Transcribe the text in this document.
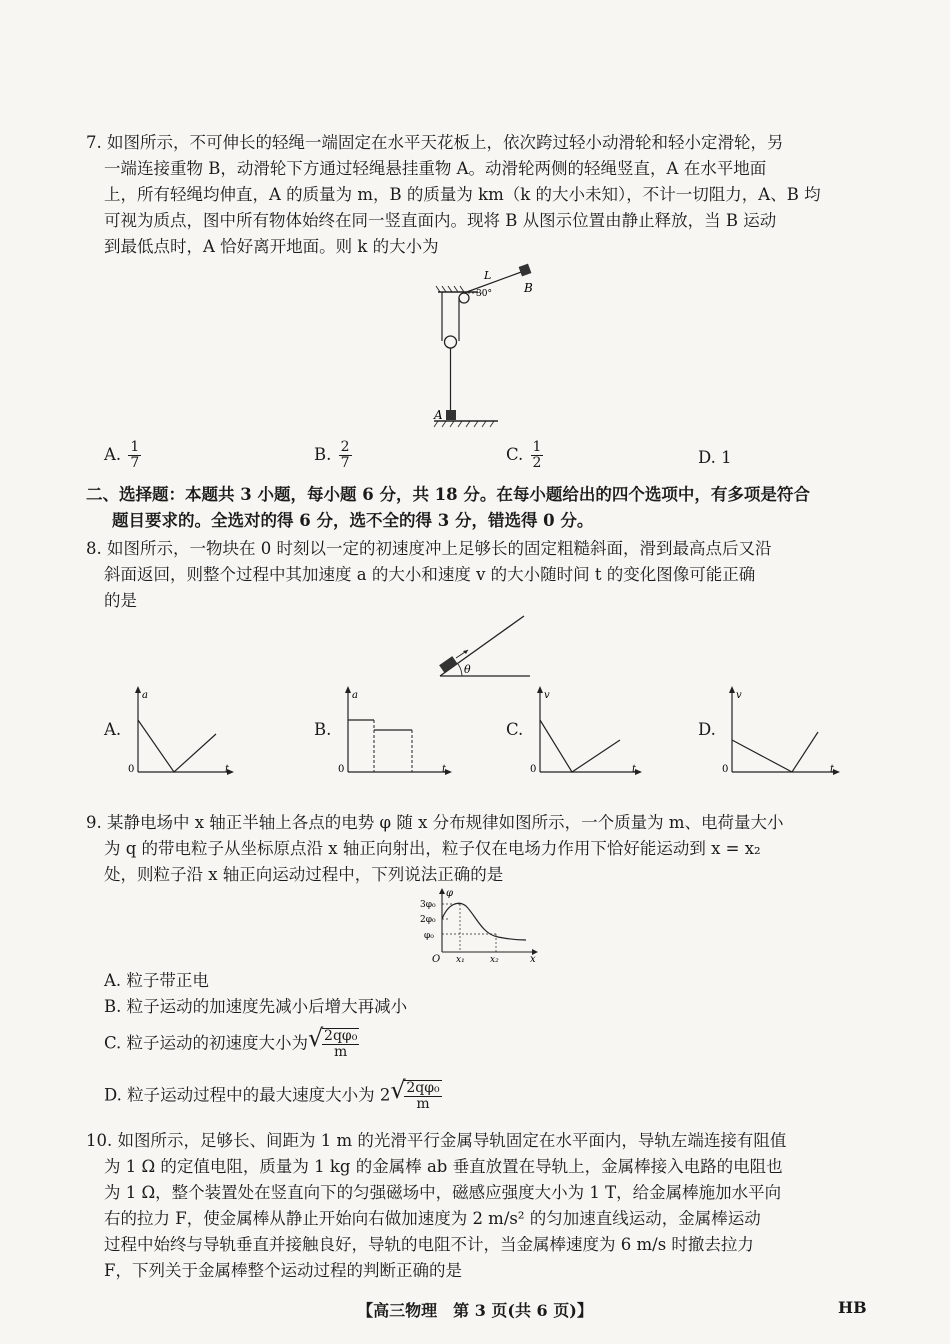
7. 如图所示，不可伸长的轻绳一端固定在水平天花板上，依次跨过轻小动滑轮和轻小定滑轮，另
一端连接重物 B，动滑轮下方通过轻绳悬挂重物 A。动滑轮两侧的轻绳竖直，A 在水平地面
上，所有轻绳均伸直，A 的质量为 m，B 的质量为 km（k 的大小未知），不计一切阻力，A、B 均
可视为质点，图中所有物体始终在同一竖直面内。现将 B 从图示位置由静止释放，当 B 运动
到最低点时，A 恰好离开地面。则 k 的大小为
A
B
L
30°
A. $\frac{1}{7}$	B. $\frac{2}{7}$	C. $\frac{1}{2}$	D. 1
二、选择题：本题共 3 小题，每小题 6 分，共 18 分。在每小题给出的四个选项中，有多项是符合
题目要求的。全选对的得 6 分，选不全的得 3 分，错选得 0 分。
8. 如图所示，一物块在 0 时刻以一定的初速度冲上足够长的固定粗糙斜面，滑到最高点后又沿
斜面返回，则整个过程中其加速度 a 的大小和速度 v 的大小随时间 t 的变化图像可能正确
的是
θ
A.
a
t
0
B.
a
t
0
C.
v
t
0
D.
v
t
0
9. 某静电场中 x 轴正半轴上各点的电势 φ 随 x 分布规律如图所示，一个质量为 m、电荷量大小
为 q 的带电粒子从坐标原点沿 x 轴正向射出，粒子仅在电场力作用下恰好能运动到 x = x₂
处，则粒子沿 x 轴正向运动过程中，下列说法正确的是
φ
x
O
3φ₀
2φ₀
φ₀
x₁	x₂
A. 粒子带正电
B. 粒子运动的加速度先减小后增大再减小
C. 粒子运动的初速度大小为 √
$\frac{\text{2qφ₀}}{m}$
D. 粒子运动过程中的最大速度大小为 2 √
$\frac{\text{2qφ₀}}{m}$
10. 如图所示，足够长、间距为 1 m 的光滑平行金属导轨固定在水平面内，导轨左端连接有阻值
为 1 Ω 的定值电阻，质量为 1 kg 的金属棒 ab 垂直放置在导轨上，金属棒接入电路的电阻也
为 1 Ω，整个装置处在竖直向下的匀强磁场中，磁感应强度大小为 1 T，给金属棒施加水平向
右的拉力 F，使金属棒从静止开始向右做加速度为 2 m/s² 的匀加速直线运动，金属棒运动
过程中始终与导轨垂直并接触良好，导轨的电阻不计，当金属棒速度为 6 m/s 时撤去拉力
F，下列关于金属棒整个运动过程的判断正确的是
【高三物理　第 3 页(共 6 页)】	HB
